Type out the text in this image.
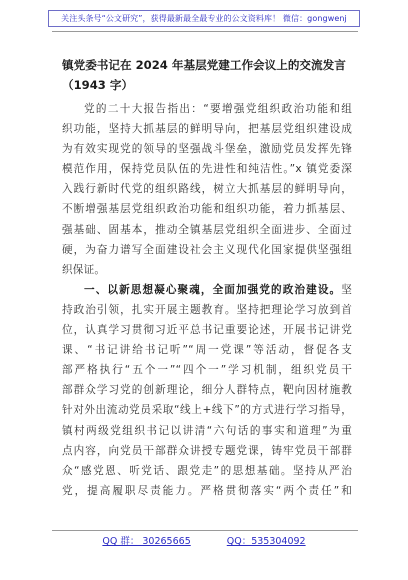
关注头条号“公文研究”，获得最新最全最专业的公文资料库！ 微信：gongwenj
镇党委书记在 2024 年基层党建工作会议上的交流发言
（1943 字）
党的二十大报告指出：“要增强党组织政治功能和组
织功能，坚持大抓基层的鲜明导向，把基层党组织建设成
为有效实现党的领导的坚强战斗堡垒，激励党员发挥先锋
模范作用，保持党员队伍的先进性和纯洁性。”x 镇党委深
入践行新时代党的组织路线，树立大抓基层的鲜明导向，
不断增强基层党组织政治功能和组织功能，着力抓基层、
强基础、固基本，推动全镇基层党组织全面进步、全面过
硬，为奋力谱写全面建设社会主义现代化国家提供坚强组
织保证。
一、以新思想凝心聚魂，全面加强党的政治建设。坚
持政治引领，扎实开展主题教育。坚持把理论学习放到首
位，认真学习贯彻习近平总书记重要论述，开展书记讲党
课、“书记讲给书记听”“周一党课”等活动，督促各支
部严格执行“五个一”“四个一”学习机制，组织党员干
部群众学习党的创新理论，细分人群特点，靶向因材施教
针对外出流动党员采取“线上+线下”的方式进行学习指导，
镇村两级党组织书记以讲清“六句话的事实和道理”为重
点内容，向党员干部群众讲授专题党课，铸牢党员干部群
众“感党恩、听党话、跟党走”的思想基础。坚持从严治
党，提高履职尽责能力。严格贯彻落实“两个责任”和
QQ 群： 30265665	QQ：535304092
